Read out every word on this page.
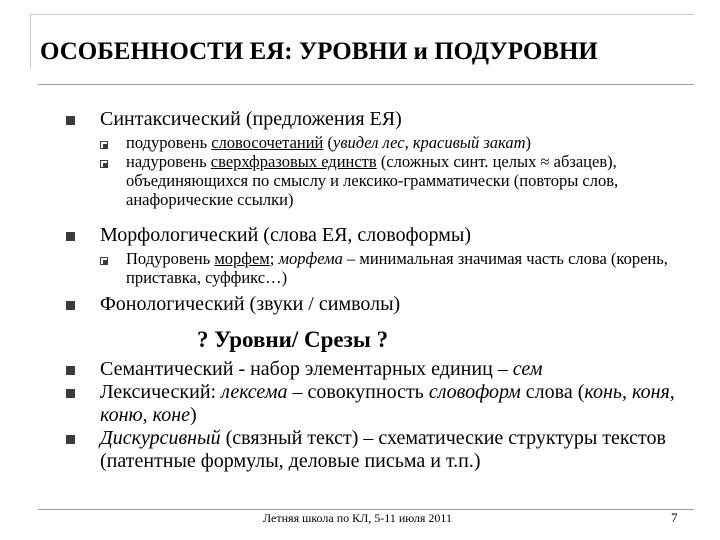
ОСОБЕННОСТИ ЕЯ: УРОВНИ и ПОДУРОВНИ
Синтаксический (предложения ЕЯ)
подуровень словосочетаний (увидел лес, красивый закат)
надуровень сверхфразовых единств (сложных синт. целых ≈ абзацев), объединяющихся по смыслу и лексико-грамматически (повторы слов, анафорические ссылки)
Морфологический (слова ЕЯ, словоформы)
Подуровень морфем; морфема – минимальная значимая часть слова (корень, приставка, суффикс…)
Фонологический (звуки / символы)
? Уровни/ Срезы ?
Семантический - набор элементарных единиц – сем
Лексический: лексема – совокупность словоформ слова (конь, коня, коню, коне)
Дискурсивный (связный текст) – схематические структуры текстов (патентные формулы, деловые письма и т.п.)
Летняя школа по КЛ, 5-11 июля 2011	7
